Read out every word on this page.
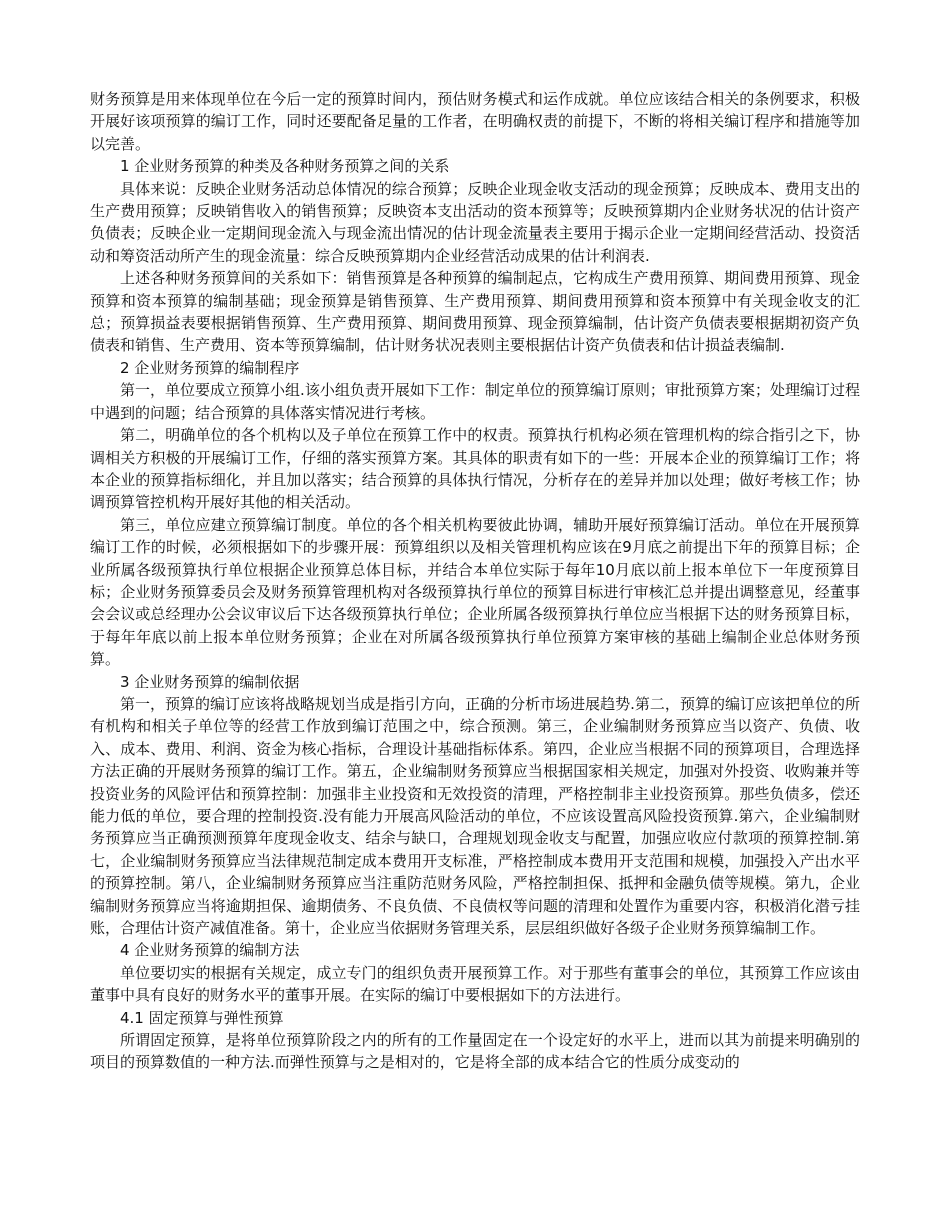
财务预算是用来体现单位在今后一定的预算时间内，预估财务模式和运作成就。单位应该结合相关的条例要求，积极开展好该项预算的编订工作，同时还要配备足量的工作者，在明确权责的前提下，不断的将相关编订程序和措施等加以完善。

1 企业财务预算的种类及各种财务预算之间的关系

具体来说：反映企业财务活动总体情况的综合预算；反映企业现金收支活动的现金预算；反映成本、费用支出的生产费用预算；反映销售收入的销售预算；反映资本支出活动的资本预算等；反映预算期内企业财务状况的估计资产负债表；反映企业一定期间现金流入与现金流出情况的估计现金流量表主要用于揭示企业一定期间经营活动、投资活动和筹资活动所产生的现金流量：综合反映预算期内企业经营活动成果的估计利润表.

上述各种财务预算间的关系如下：销售预算是各种预算的编制起点，它构成生产费用预算、期间费用预算、现金预算和资本预算的编制基础；现金预算是销售预算、生产费用预算、期间费用预算和资本预算中有关现金收支的汇总；预算损益表要根据销售预算、生产费用预算、期间费用预算、现金预算编制，估计资产负债表要根据期初资产负债表和销售、生产费用、资本等预算编制，估计财务状况表则主要根据估计资产负债表和估计损益表编制.

2 企业财务预算的编制程序

第一，单位要成立预算小组.该小组负责开展如下工作：制定单位的预算编订原则；审批预算方案；处理编订过程中遇到的问题；结合预算的具体落实情况进行考核。

第二，明确单位的各个机构以及子单位在预算工作中的权责。预算执行机构必须在管理机构的综合指引之下，协调相关方积极的开展编订工作，仔细的落实预算方案。其具体的职责有如下的一些：开展本企业的预算编订工作；将本企业的预算指标细化，并且加以落实；结合预算的具体执行情况，分析存在的差异并加以处理；做好考核工作；协调预算管控机构开展好其他的相关活动。

第三，单位应建立预算编订制度。单位的各个相关机构要彼此协调，辅助开展好预算编订活动。单位在开展预算编订工作的时候，必须根据如下的步骤开展：预算组织以及相关管理机构应该在9月底之前提出下年的预算目标；企业所属各级预算执行单位根据企业预算总体目标，并结合本单位实际于每年10月底以前上报本单位下一年度预算目标；企业财务预算委员会及财务预算管理机构对各级预算执行单位的预算目标进行审核汇总并提出调整意见，经董事会会议或总经理办公会议审议后下达各级预算执行单位；企业所属各级预算执行单位应当根据下达的财务预算目标，于每年年底以前上报本单位财务预算；企业在对所属各级预算执行单位预算方案审核的基础上编制企业总体财务预算。

3 企业财务预算的编制依据

第一，预算的编订应该将战略规划当成是指引方向，正确的分析市场进展趋势.第二，预算的编订应该把单位的所有机构和相关子单位等的经营工作放到编订范围之中，综合预测。第三，企业编制财务预算应当以资产、负债、收入、成本、费用、利润、资金为核心指标，合理设计基础指标体系。第四，企业应当根据不同的预算项目，合理选择方法正确的开展财务预算的编订工作。第五，企业编制财务预算应当根据国家相关规定，加强对外投资、收购兼并等投资业务的风险评估和预算控制：加强非主业投资和无效投资的清理，严格控制非主业投资预算。那些负债多，偿还能力低的单位，要合理的控制投资.没有能力开展高风险活动的单位，不应该设置高风险投资预算.第六，企业编制财务预算应当正确预测预算年度现金收支、结余与缺口，合理规划现金收支与配置，加强应收应付款项的预算控制.第七，企业编制财务预算应当法律规范制定成本费用开支标准，严格控制成本费用开支范围和规模，加强投入产出水平的预算控制。第八，企业编制财务预算应当注重防范财务风险，严格控制担保、抵押和金融负债等规模。第九，企业编制财务预算应当将逾期担保、逾期债务、不良负债、不良债权等问题的清理和处置作为重要内容，积极消化潜亏挂账，合理估计资产减值准备。第十，企业应当依据财务管理关系，层层组织做好各级子企业财务预算编制工作。

4 企业财务预算的编制方法

单位要切实的根据有关规定，成立专门的组织负责开展预算工作。对于那些有董事会的单位，其预算工作应该由董事中具有良好的财务水平的董事开展。在实际的编订中要根据如下的方法进行。

4.1 固定预算与弹性预算

所谓固定预算，是将单位预算阶段之内的所有的工作量固定在一个设定好的水平上，进而以其为前提来明确别的项目的预算数值的一种方法.而弹性预算与之是相对的，它是将全部的成本结合它的性质分成变动的
